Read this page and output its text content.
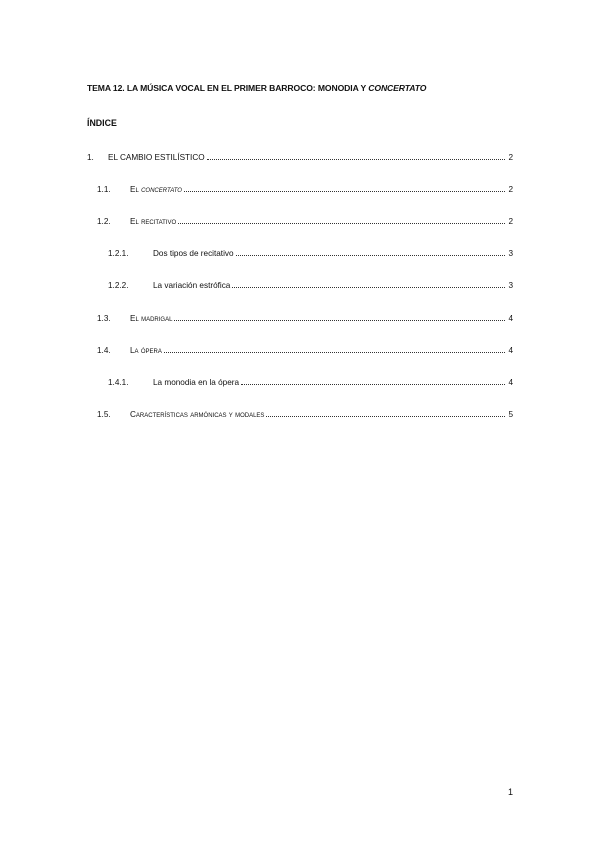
TEMA 12. LA MÚSICA VOCAL EN EL PRIMER BARROCO: MONODIA Y CONCERTATO
ÍNDICE
1.	EL CAMBIO ESTILÍSTICO	2
1.1.	El concertato	2
1.2.	El recitativo	2
1.2.1.	Dos tipos de recitativo	3
1.2.2.	La variación estrófica	3
1.3.	El madrigal	4
1.4.	La ópera	4
1.4.1.	La monodia en la ópera	4
1.5.	Características armónicas y modales	5
1
